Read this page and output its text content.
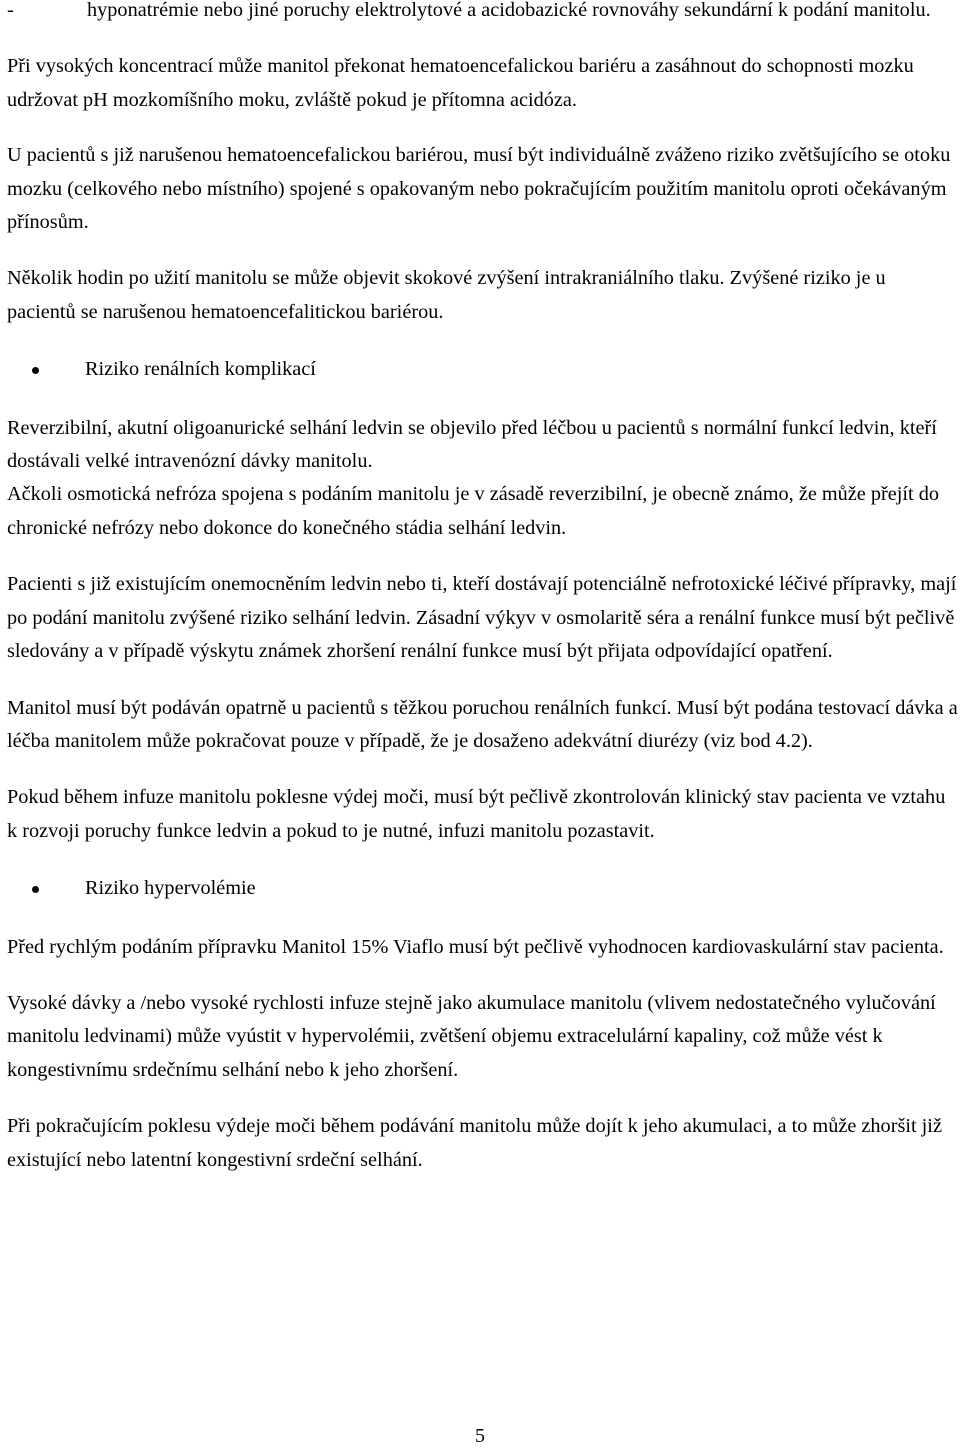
-	hyponatrémie nebo jiné poruchy elektrolytové a acidobazické rovnováhy sekundární k podání manitolu.

Při vysokých koncentrací může manitol překonat hematoencefalickou bariéru a zasáhnout do schopnosti mozku udržovat pH mozkomíšního moku, zvláště pokud je přítomna acidóza.

U pacientů s již narušenou hematoencefalickou bariérou, musí být individuálně zváženo riziko zvětšujícího se otoku mozku (celkového nebo místního) spojené s opakovaným nebo pokračujícím použitím manitolu oproti očekávaným přínosům.

Několik hodin po užití manitolu se může objevit skokové zvýšení intrakraniálního tlaku. Zvýšené riziko je u pacientů se narušenou hematoencefalitickou bariérou.

Riziko renálních komplikací

Reverzibilní, akutní oligoanurické selhání ledvin se objevilo před léčbou u pacientů s normální funkcí ledvin, kteří dostávali velké intravenózní dávky manitolu.

Ačkoli osmotická nefróza spojena s podáním manitolu je v zásadě reverzibilní, je obecně známo, že může přejít do chronické nefrózy nebo dokonce do konečného stádia selhání ledvin.

Pacienti s již existujícím onemocněním ledvin nebo ti, kteří dostávají potenciálně nefrotoxické léčivé přípravky, mají po podání manitolu zvýšené riziko selhání ledvin. Zásadní výkyv v osmolaritě séra a renální funkce musí být pečlivě sledovány a v případě výskytu známek zhoršení renální funkce musí být přijata odpovídající opatření.

Manitol musí být podáván opatrně u pacientů s těžkou poruchou renálních funkcí. Musí být podána testovací dávka a léčba manitolem může pokračovat pouze v případě, že je dosaženo adekvátní diurézy (viz bod 4.2).

Pokud během infuze manitolu poklesne výdej moči, musí být pečlivě zkontrolován klinický stav pacienta ve vztahu k rozvoji poruchy funkce ledvin a pokud to je nutné, infuzi manitolu pozastavit.

Riziko hypervolémie

Před rychlým podáním přípravku Manitol 15% Viaflo musí být pečlivě vyhodnocen kardiovaskulární stav pacienta.

Vysoké dávky a /nebo vysoké rychlosti infuze stejně jako akumulace manitolu (vlivem nedostatečného vylučování manitolu ledvinami) může vyústit v hypervolémii, zvětšení objemu extracelulární kapaliny, což může vést k kongestivnímu srdečnímu selhání nebo k jeho zhoršení.

Při pokračujícím poklesu výdeje moči během podávání manitolu může dojít k jeho akumulaci, a to může zhoršit již existující nebo latentní kongestivní srdeční selhání.

5
